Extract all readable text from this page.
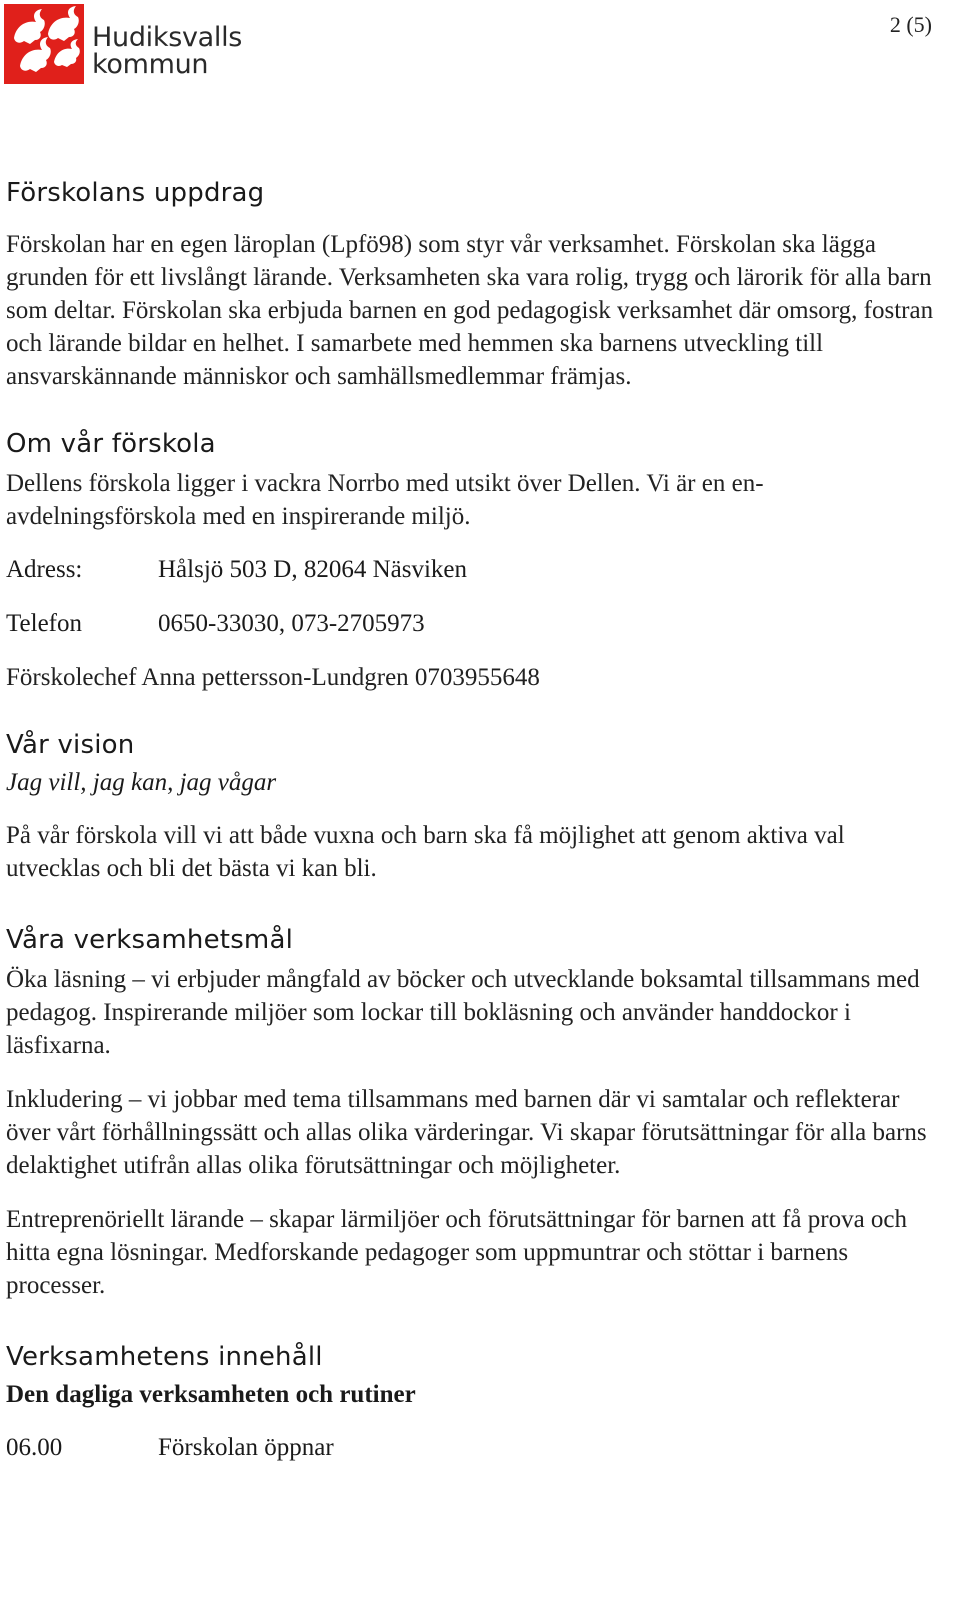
Hudiksvalls
kommun
2 (5)
Förskolans uppdrag

Förskolan har en egen läroplan (Lpfö98) som styr vår verksamhet. Förskolan ska lägga grunden för ett livslångt lärande. Verksamheten ska vara rolig, trygg och lärorik för alla barn som deltar. Förskolan ska erbjuda barnen en god pedagogisk verksamhet där omsorg, fostran och lärande bildar en helhet. I samarbete med hemmen ska barnens utveckling till ansvarskännande människor och samhällsmedlemmar främjas.

Om vår förskola

Dellens förskola ligger i vackra Norrbo med utsikt över Dellen. Vi är en en-avdelningsförskola med en inspirerande miljö.

Adress:	Hålsjö 503 D, 82064 Näsviken
Telefon	0650-33030, 073-2705973

Förskolechef Anna pettersson-Lundgren 0703955648

Vår vision
Jag vill, jag kan, jag vågar

På vår förskola vill vi att både vuxna och barn ska få möjlighet att genom aktiva val utvecklas och bli det bästa vi kan bli.

Våra verksamhetsmål

Öka läsning – vi erbjuder mångfald av böcker och utvecklande boksamtal tillsammans med pedagog. Inspirerande miljöer som lockar till bokläsning och använder handdockor i läsfixarna.

Inkludering – vi jobbar med tema tillsammans med barnen där vi samtalar och reflekterar över vårt förhållningssätt och allas olika värderingar. Vi skapar förutsättningar för alla barns delaktighet utifrån allas olika förutsättningar och möjligheter.

Entreprenöriellt lärande – skapar lärmiljöer och förutsättningar för barnen att få prova och hitta egna lösningar. Medforskande pedagoger som uppmuntrar och stöttar i barnens processer.

Verksamhetens innehåll
Den dagliga verksamheten och rutiner
06.00	Förskolan öppnar
